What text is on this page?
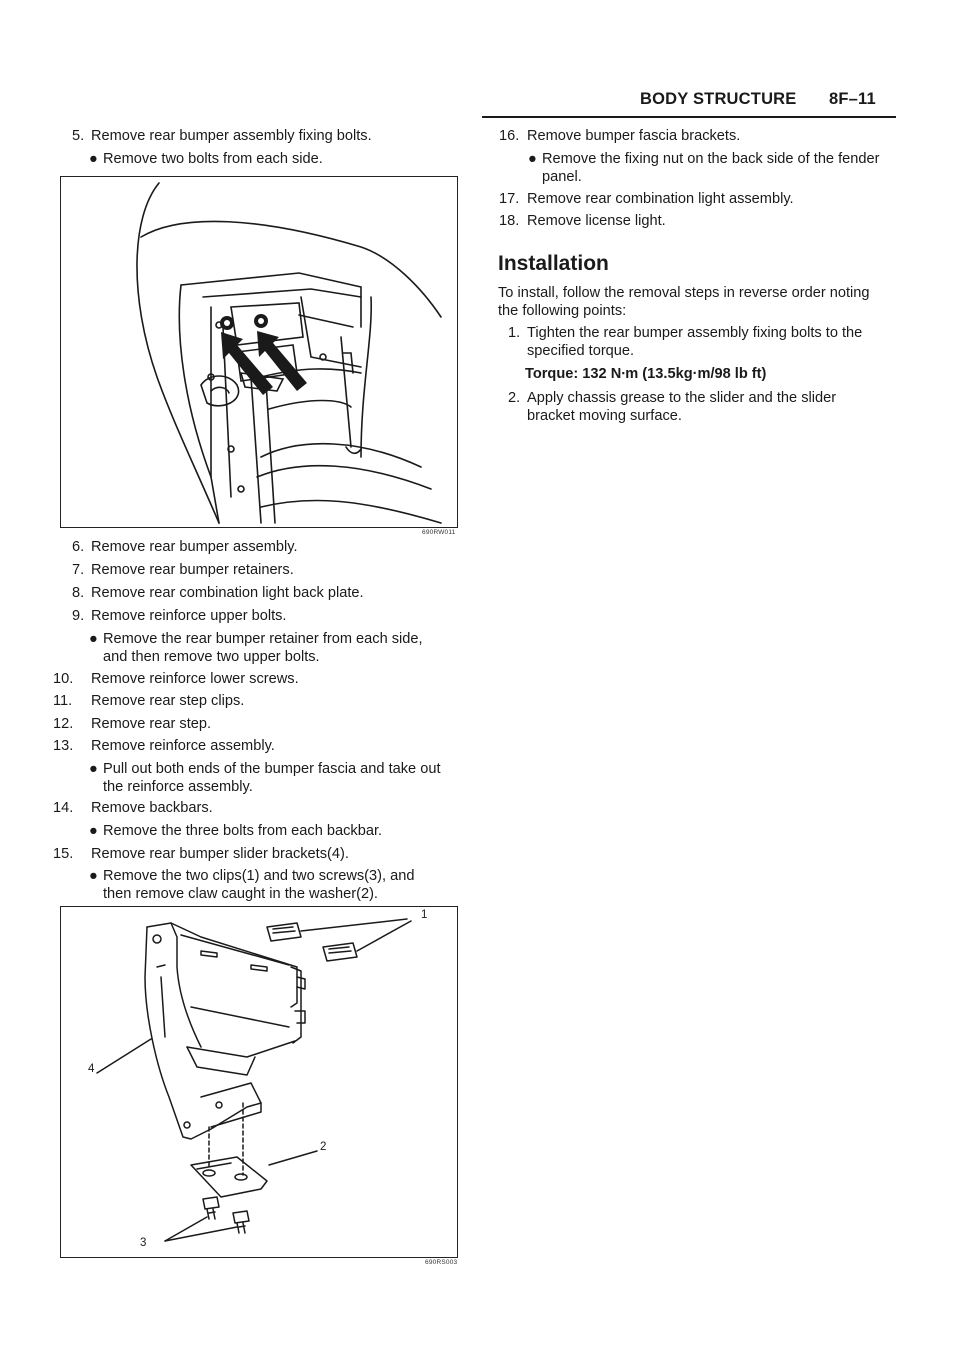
BODY STRUCTURE 8F–11
5. Remove rear bumper assembly fixing bolts.
● Remove two bolts from each side.
690RW011
6. Remove rear bumper assembly.
7. Remove rear bumper retainers.
8. Remove rear combination light back plate.
9. Remove reinforce upper bolts.
● Remove the rear bumper retainer from each side,
and then remove two upper bolts.
10. Remove reinforce lower screws.
11. Remove rear step clips.
12. Remove rear step.
13. Remove reinforce assembly.
● Pull out both ends of the bumper fascia and take out
the reinforce assembly.
14. Remove backbars.
● Remove the three bolts from each backbar.
15. Remove rear bumper slider brackets(4).
● Remove the two clips(1) and two screws(3), and
then remove claw caught in the washer(2).
1
2
3
4
690RS003
16. Remove bumper fascia brackets.
● Remove the fixing nut on the back side of the fender
panel.
17. Remove rear combination light assembly.
18. Remove license light.
Installation
To install, follow the removal steps in reverse order noting
the following points:
1. Tighten the rear bumper assembly fixing bolts to the
specified torque.
Torque: 132 N∙m (13.5kg·m/98 lb ft)
2. Apply chassis grease to the slider and the slider
bracket moving surface.
